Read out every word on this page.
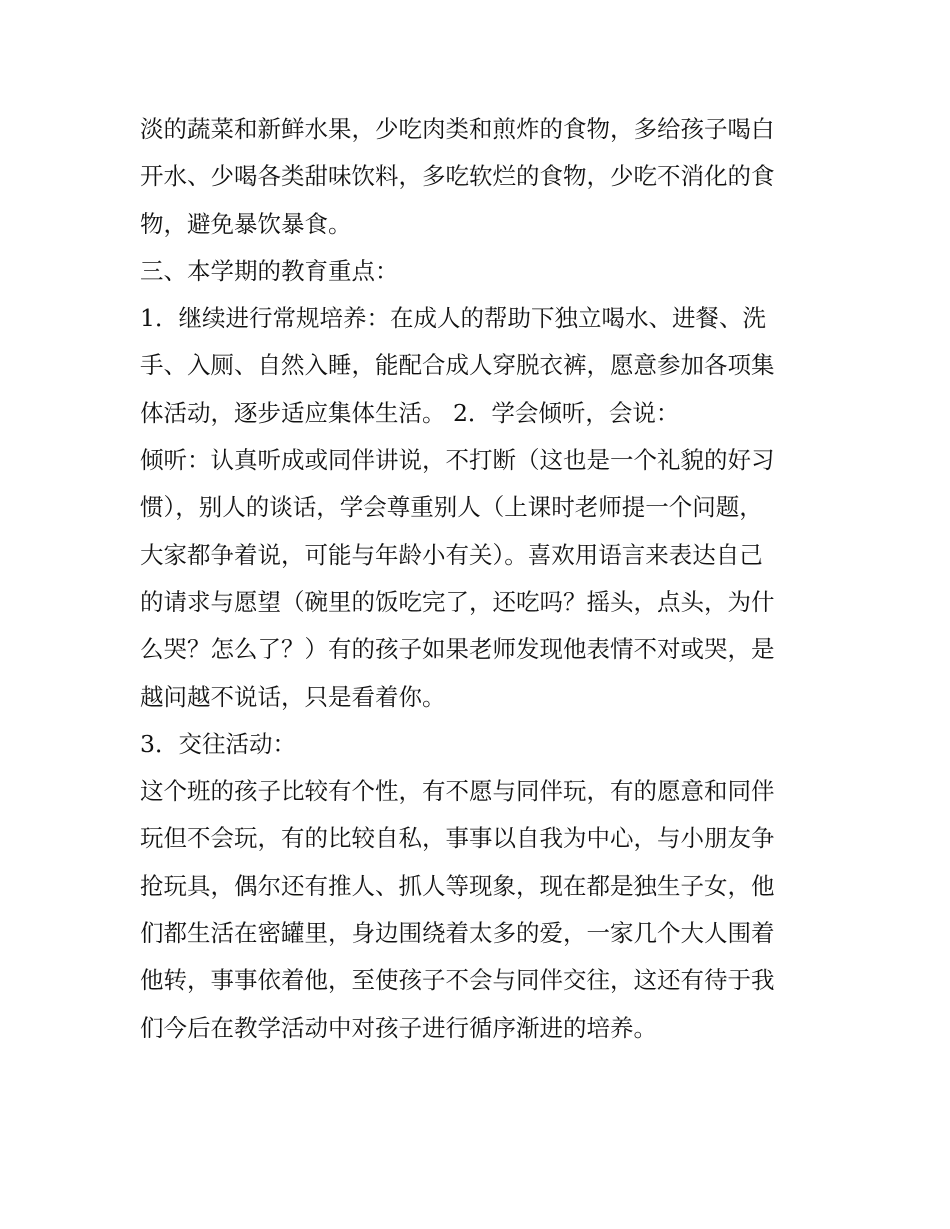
淡的蔬菜和新鲜水果，少吃肉类和煎炸的食物，多给孩子喝白
开水、少喝各类甜味饮料，多吃软烂的食物，少吃不消化的食
物，避免暴饮暴食。
三、本学期的教育重点：
1．继续进行常规培养：在成人的帮助下独立喝水、进餐、洗
手、入厕、自然入睡，能配合成人穿脱衣裤，愿意参加各项集
体活动，逐步适应集体生活。 2．学会倾听，会说：
倾听：认真听成或同伴讲说，不打断（这也是一个礼貌的好习
惯），别人的谈话，学会尊重别人（上课时老师提一个问题，
大家都争着说，可能与年龄小有关）。喜欢用语言来表达自己
的请求与愿望（碗里的饭吃完了，还吃吗？摇头，点头，为什
么哭？怎么了？）有的孩子如果老师发现他表情不对或哭，是
越问越不说话，只是看着你。
3．交往活动：
这个班的孩子比较有个性，有不愿与同伴玩，有的愿意和同伴
玩但不会玩，有的比较自私，事事以自我为中心，与小朋友争
抢玩具，偶尔还有推人、抓人等现象，现在都是独生子女，他
们都生活在密罐里，身边围绕着太多的爱，一家几个大人围着
他转，事事依着他，至使孩子不会与同伴交往，这还有待于我
们今后在教学活动中对孩子进行循序渐进的培养。
